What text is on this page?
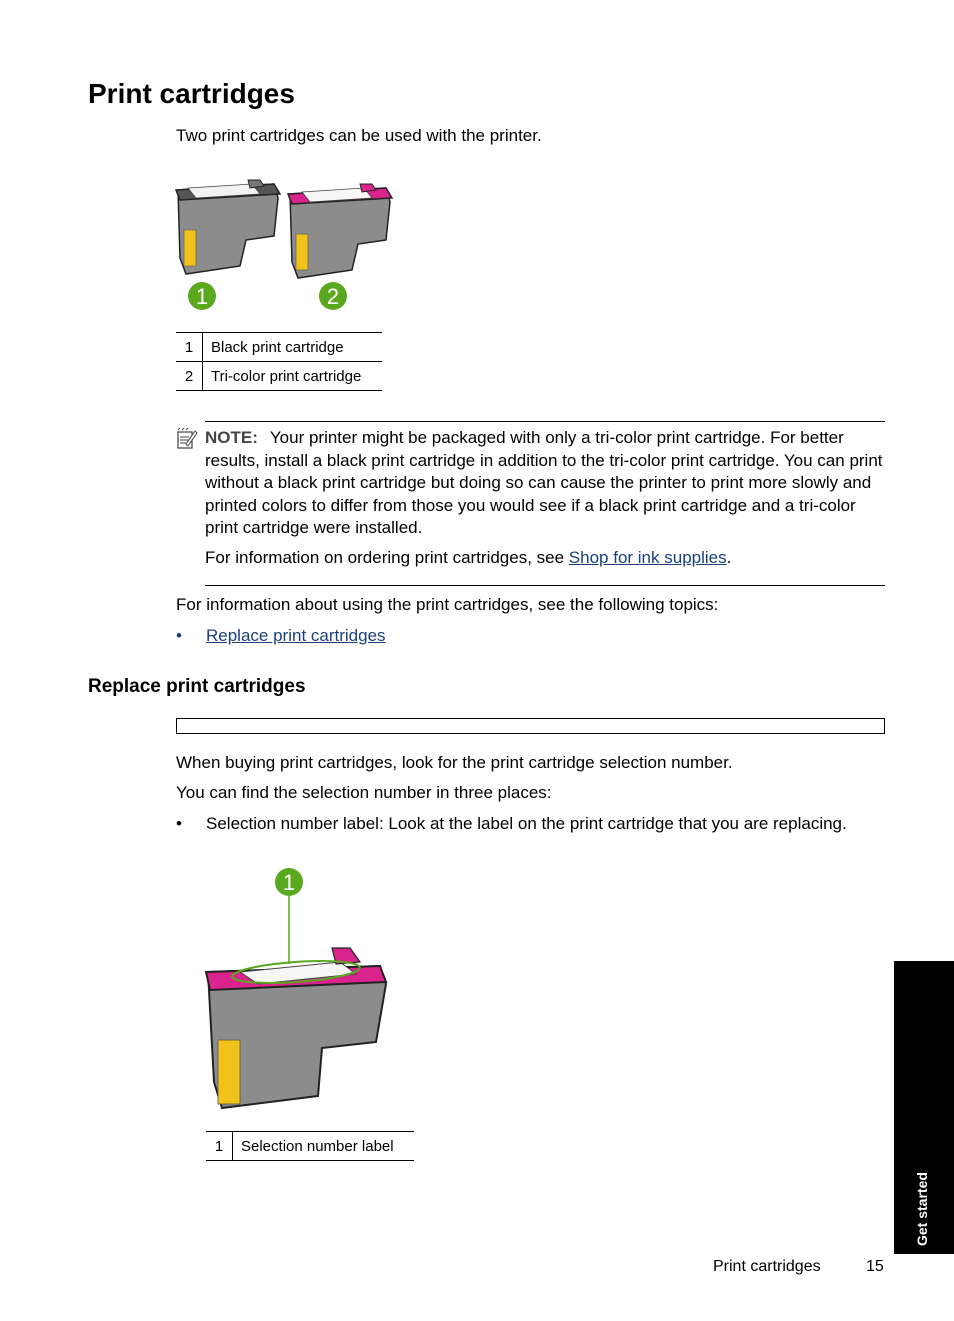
Print cartridges
Two print cartridges can be used with the printer.
1	2
1	Black print cartridge
2	Tri-color print cartridge
NOTE: Your printer might be packaged with only a tri-color print cartridge. For better results, install a black print cartridge in addition to the tri-color print cartridge. You can print without a black print cartridge but doing so can cause the printer to print more slowly and printed colors to differ from those you would see if a black print cartridge and a tri-color print cartridge were installed.
For information on ordering print cartridges, see Shop for ink supplies.
For information about using the print cartridges, see the following topics:
• Replace print cartridges
Replace print cartridges
When buying print cartridges, look for the print cartridge selection number.
You can find the selection number in three places:
• Selection number label: Look at the label on the print cartridge that you are replacing.
1
1	Selection number label
Get started
Print cartridges	15
